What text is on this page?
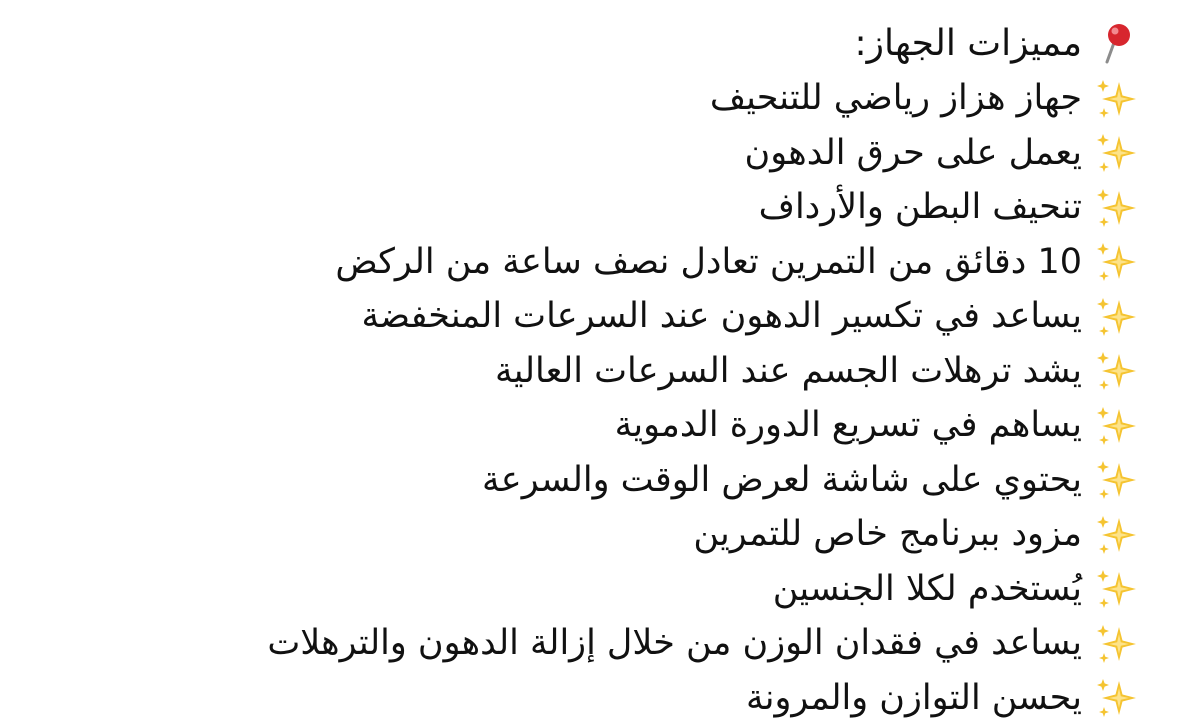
مميزات الجهاز:
جهاز هزاز رياضي للتنحيف
يعمل على حرق الدهون
تنحيف البطن والأرداف
10 دقائق من التمرين تعادل نصف ساعة من الركض
يساعد في تكسير الدهون عند السرعات المنخفضة
يشد ترهلات الجسم عند السرعات العالية
يساهم في تسريع الدورة الدموية
يحتوي على شاشة لعرض الوقت والسرعة
مزود ببرنامج خاص للتمرين
يُستخدم لكلا الجنسين
يساعد في فقدان الوزن من خلال إزالة الدهون والترهلات
يحسن التوازن والمرونة
